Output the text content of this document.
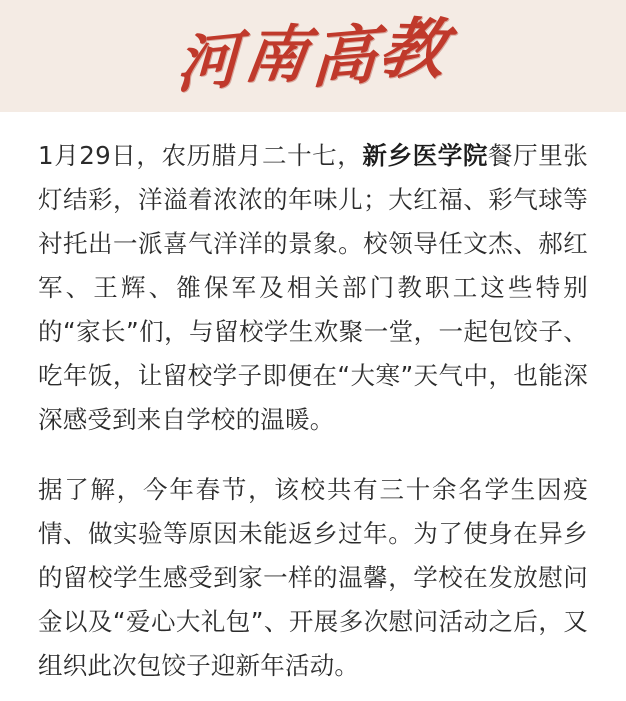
河南高教

1月29日，农历腊月二十七，新乡医学院餐厅里张灯结彩，洋溢着浓浓的年味儿；大红福、彩气球等衬托出一派喜气洋洋的景象。校领导任文杰、郝红军、王辉、雒保军及相关部门教职工这些特别的“家长”们，与留校学生欢聚一堂，一起包饺子、吃年饭，让留校学子即便在“大寒”天气中，也能深深感受到来自学校的温暖。

据了解，今年春节，该校共有三十余名学生因疫情、做实验等原因未能返乡过年。为了使身在异乡的留校学生感受到家一样的温馨，学校在发放慰问金以及“爱心大礼包”、开展多次慰问活动之后，又组织此次包饺子迎新年活动。
